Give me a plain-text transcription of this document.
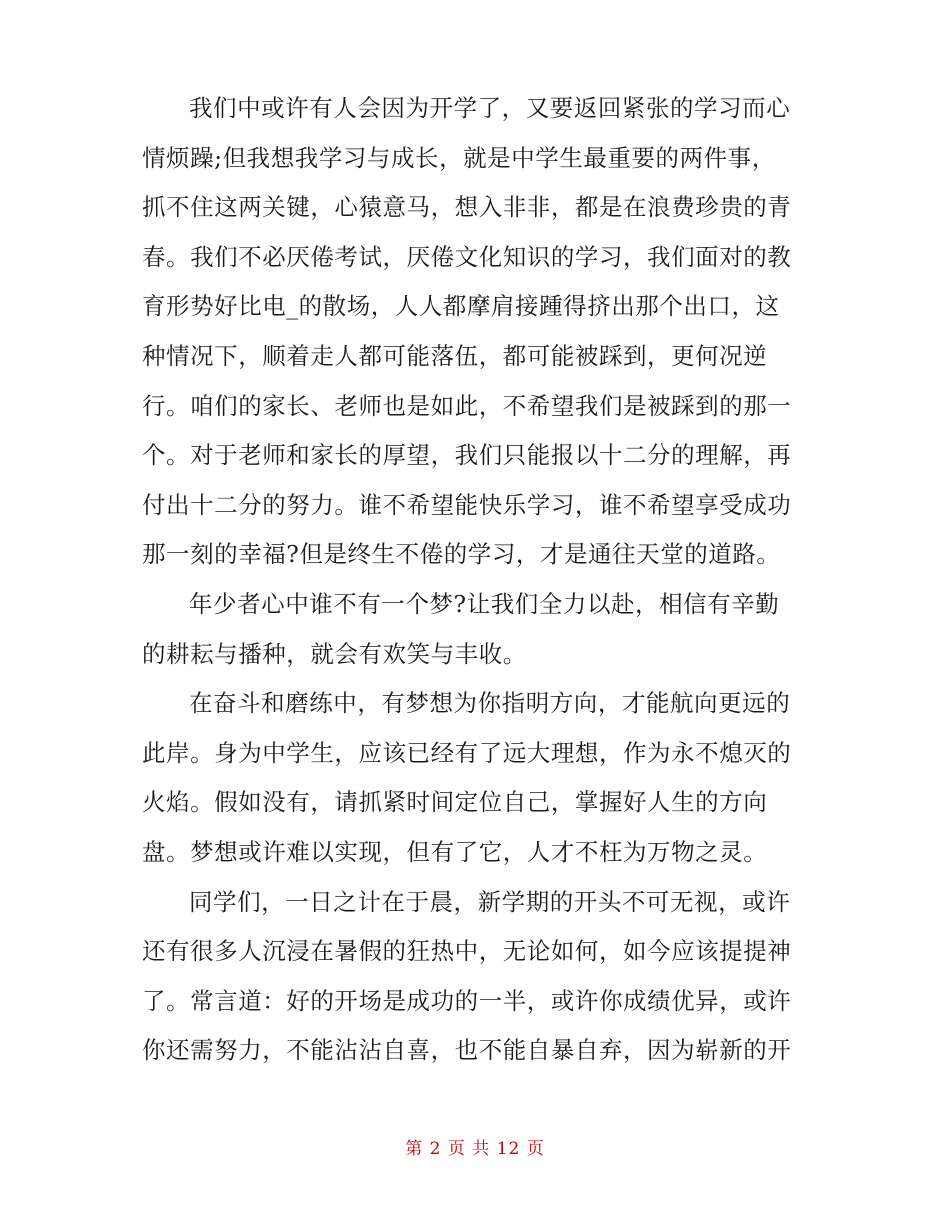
我们中或许有人会因为开学了，又要返回紧张的学习而心
情烦躁;但我想我学习与成长，就是中学生最重要的两件事，
抓不住这两关键，心猿意马，想入非非，都是在浪费珍贵的青
春。我们不必厌倦考试，厌倦文化知识的学习，我们面对的教
育形势好比电_的散场，人人都摩肩接踵得挤出那个出口，这
种情况下，顺着走人都可能落伍，都可能被踩到，更何况逆
行。咱们的家长、老师也是如此，不希望我们是被踩到的那一
个。对于老师和家长的厚望，我们只能报以十二分的理解，再
付出十二分的努力。谁不希望能快乐学习，谁不希望享受成功
那一刻的幸福?但是终生不倦的学习，才是通往天堂的道路。
年少者心中谁不有一个梦?让我们全力以赴，相信有辛勤
的耕耘与播种，就会有欢笑与丰收。
在奋斗和磨练中，有梦想为你指明方向，才能航向更远的
此岸。身为中学生，应该已经有了远大理想，作为永不熄灭的
火焰。假如没有，请抓紧时间定位自己，掌握好人生的方向
盘。梦想或许难以实现，但有了它，人才不枉为万物之灵。
同学们，一日之计在于晨，新学期的开头不可无视，或许
还有很多人沉浸在暑假的狂热中，无论如何，如今应该提提神
了。常言道：好的开场是成功的一半，或许你成绩优异，或许
你还需努力，不能沾沾自喜，也不能自暴自弃，因为崭新的开
第 2 页 共 12 页
